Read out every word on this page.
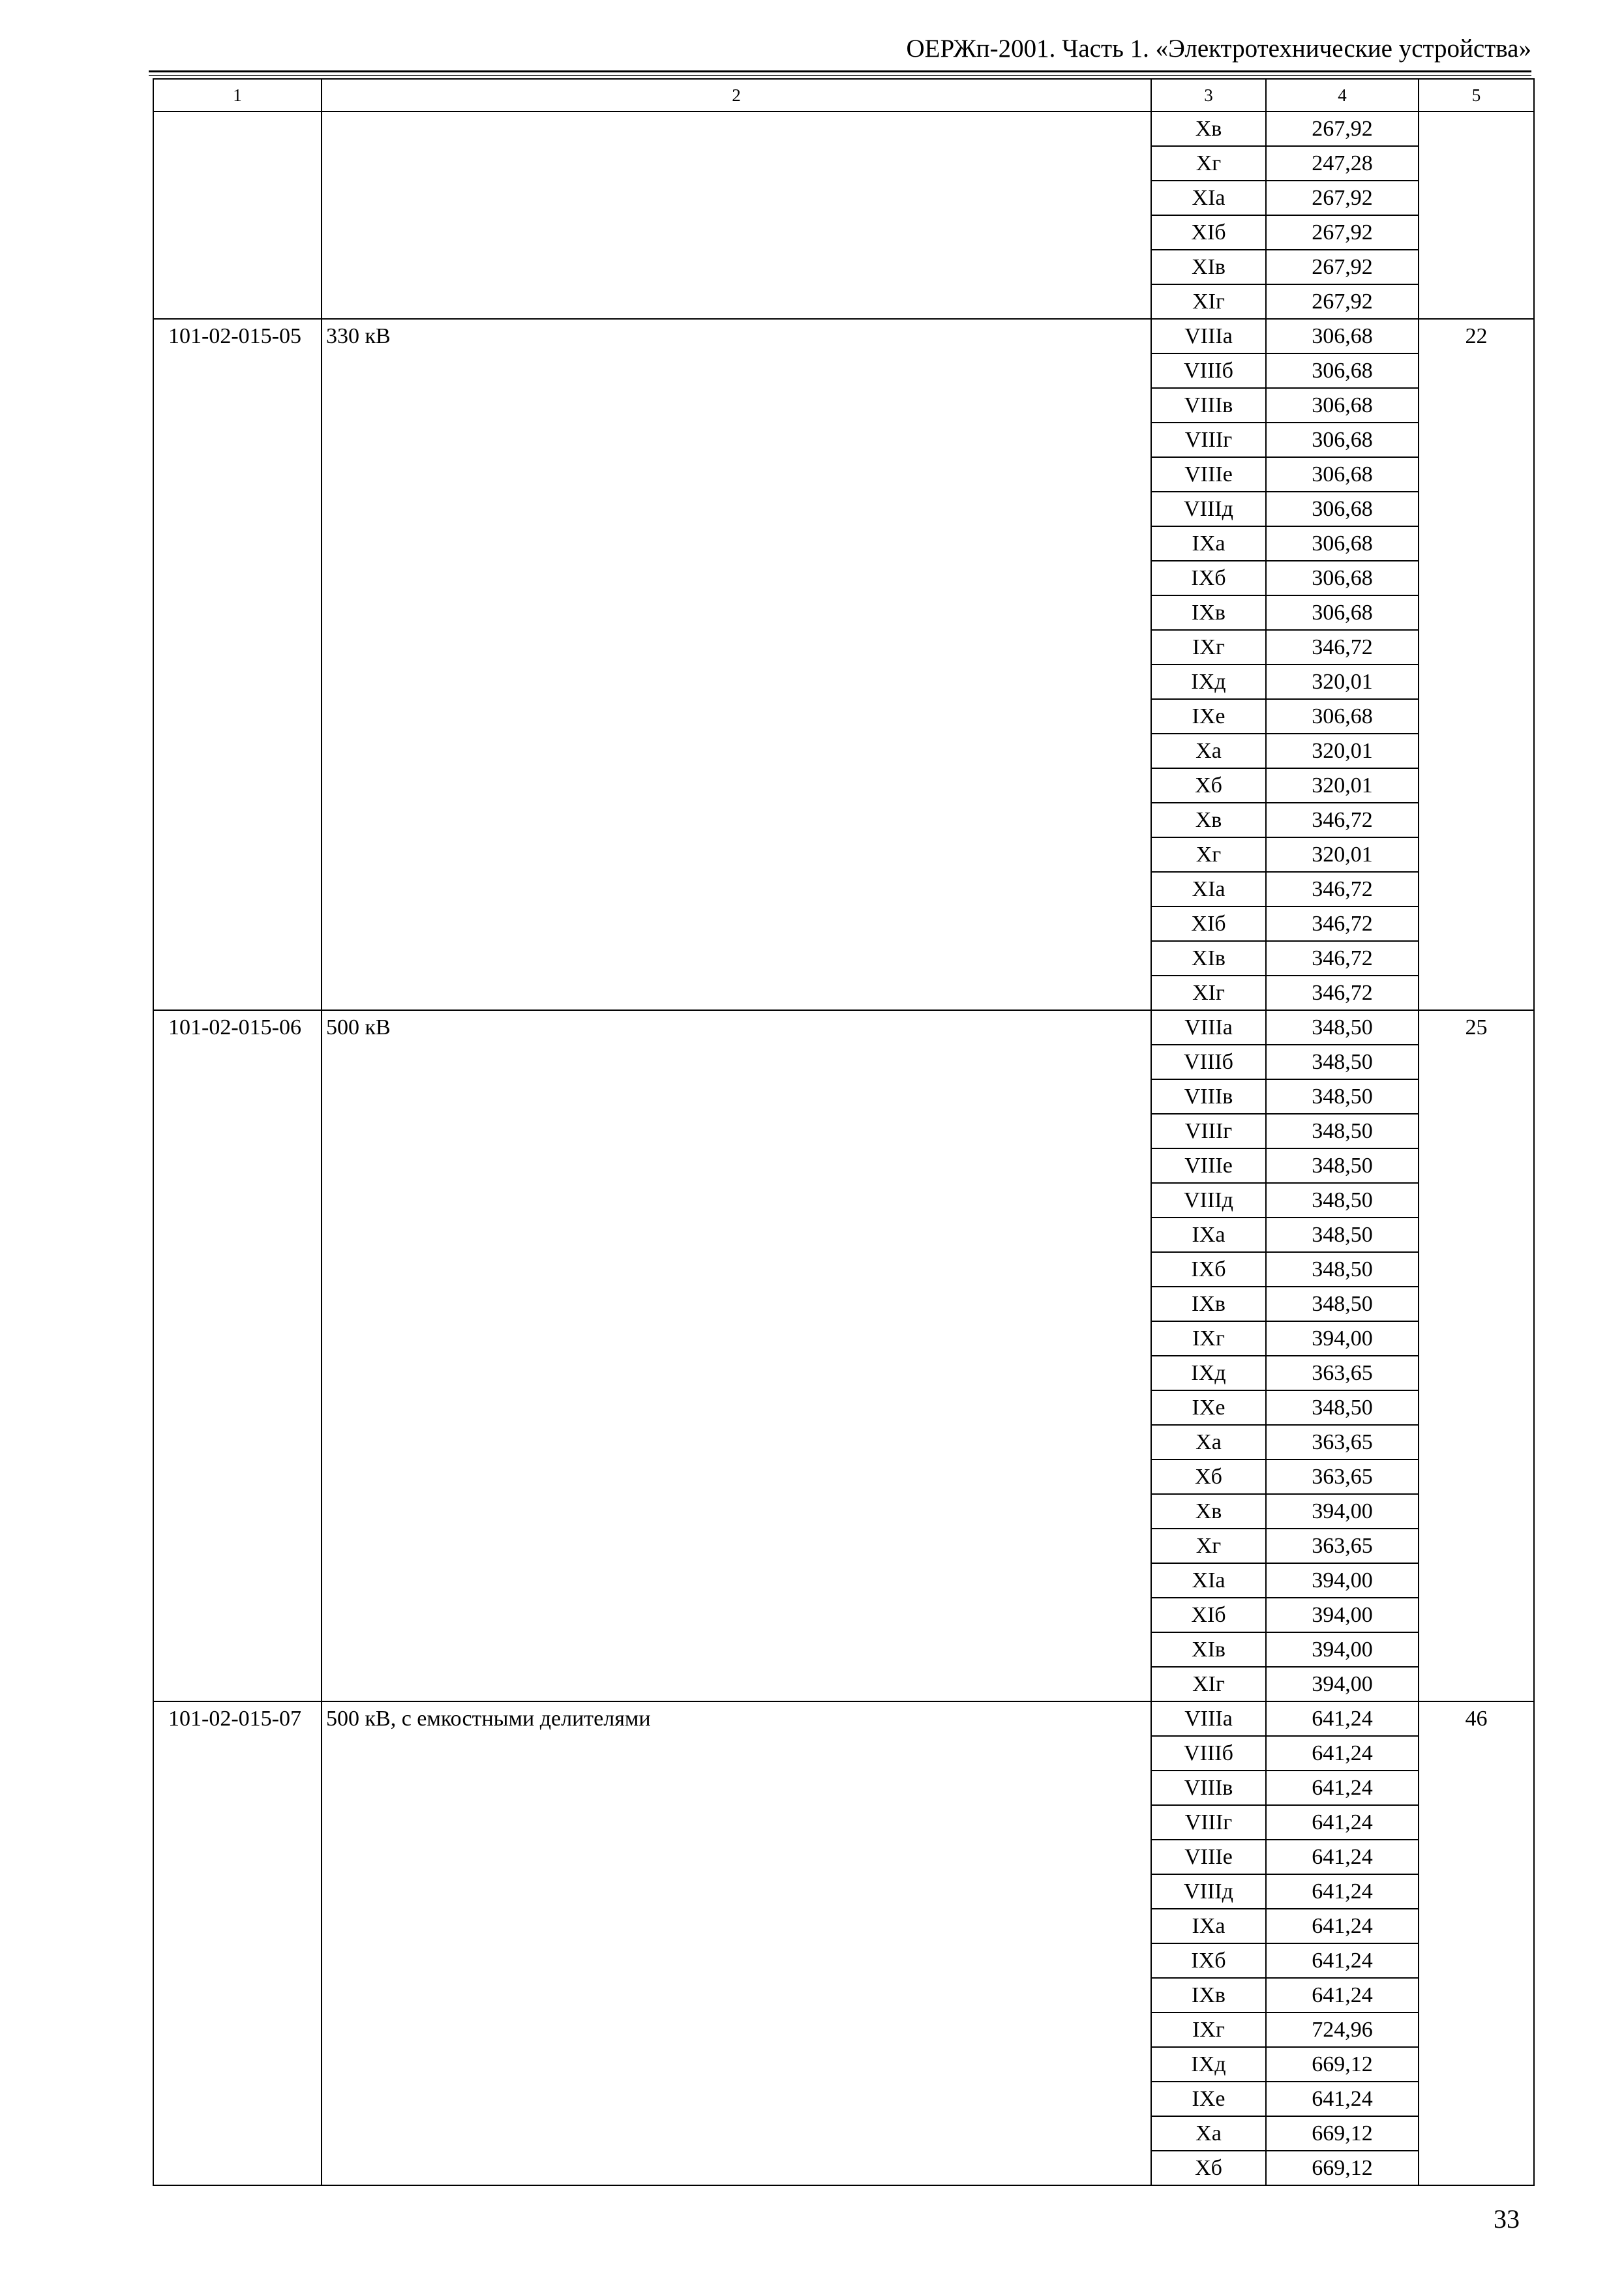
ОЕРЖп-2001. Часть 1. «Электротехнические устройства»
1	2	3	4	5
		Xв	267,92	
		Xг	247,28	
		XIа	267,92	
		XIб	267,92	
		XIв	267,92	
		XIг	267,92	
101-02-015-05	330 кВ	VIIIа	306,68	22
		VIIIб	306,68	
		VIIIв	306,68	
		VIIIг	306,68	
		VIIIе	306,68	
		VIIIд	306,68	
		IXа	306,68	
		IXб	306,68	
		IXв	306,68	
		IXг	346,72	
		IXд	320,01	
		IXе	306,68	
		Xа	320,01	
		Xб	320,01	
		Xв	346,72	
		Xг	320,01	
		XIа	346,72	
		XIб	346,72	
		XIв	346,72	
		XIг	346,72	
101-02-015-06	500 кВ	VIIIа	348,50	25
		VIIIб	348,50	
		VIIIв	348,50	
		VIIIг	348,50	
		VIIIе	348,50	
		VIIIд	348,50	
		IXа	348,50	
		IXб	348,50	
		IXв	348,50	
		IXг	394,00	
		IXд	363,65	
		IXе	348,50	
		Xа	363,65	
		Xб	363,65	
		Xв	394,00	
		Xг	363,65	
		XIа	394,00	
		XIб	394,00	
		XIв	394,00	
		XIг	394,00	
101-02-015-07	500 кВ, с емкостными делителями	VIIIа	641,24	46
		VIIIб	641,24	
		VIIIв	641,24	
		VIIIг	641,24	
		VIIIе	641,24	
		VIIIд	641,24	
		IXа	641,24	
		IXб	641,24	
		IXв	641,24	
		IXг	724,96	
		IXд	669,12	
		IXе	641,24	
		Xа	669,12	
		Xб	669,12	
33
